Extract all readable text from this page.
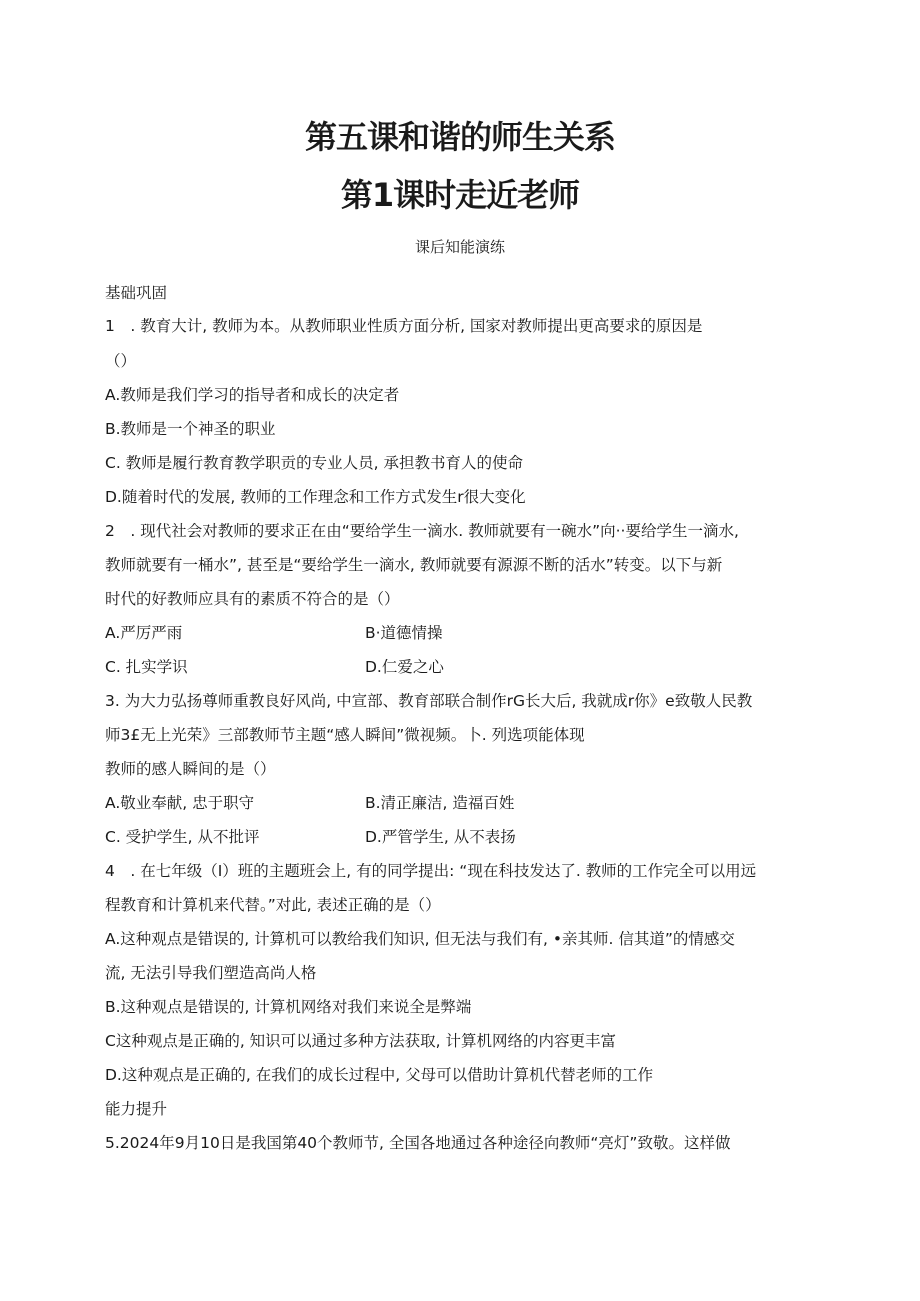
第五课和谐的师生关系
第1课时走近老师
课后知能演练
基础巩固
1　. 教育大计, 教师为本。从教师职业性质方面分析, 国家对教师提出更高要求的原因是
（）
A.教师是我们学习的指导者和成长的决定者
B.教师是一个神圣的职业
C. 教师是履行教育教学职贡的专业人员, 承担教书育人的使命
D.随着时代的发展, 教师的工作理念和工作方式发生r很大变化
2　. 现代社会对教师的要求正在由“要给学生一滴水. 教师就要有一碗水”向··要给学生一滴水,
教师就要有一桶水”, 甚至是“要给学生一滴水, 教师就要有源源不断的活水”转变。以下与新
时代的好教师应具有的素质不符合的是（）
A.严厉严雨	B·道德情操
C. 扎实学识	D.仁爱之心
3. 为大力弘扬尊师重教良好风尚, 中宣部、教育部联合制作rG长大后, 我就成r你》e致敬人民教
师3£无上光荣》三部教师节主题“感人瞬间”微视频。卜. 列选项能体现
教师的感人瞬间的是（）
A.敬业奉献, 忠于职守	B.清正廉洁, 造福百姓
C. 受护学生, 从不批评	D.严管学生, 从不表扬
4　. 在七年级（I）班的主题班会上, 有的同学提出: “现在科技发达了. 教师的工作完全可以用远
程教育和计算机来代替。”对此, 表述正确的是（）
A.这种观点是错误的, 计算机可以教给我们知识, 但无法与我们有, •亲其师. 信其道”的情感交
流, 无法引导我们塑造高尚人格
B.这种观点是错误的, 计算机网络对我们来说全是弊端
C这种观点是正确的, 知识可以通过多种方法获取, 计算机网络的内容更丰富
D.这种观点是正确的, 在我们的成长过程中, 父母可以借助计算机代替老师的工作
能力提升
5.2024年9月10日是我国第40个教师节, 全国各地通过各种途径向教师“亮灯”致敬。这样做
